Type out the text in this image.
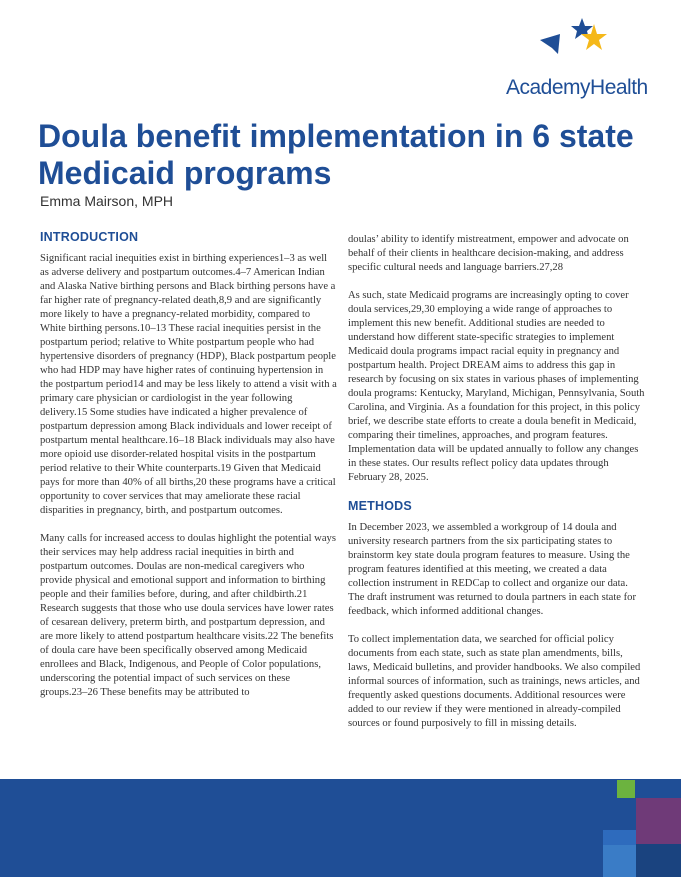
AcademyHealth
Doula benefit implementation in 6 state Medicaid programs
Emma Mairson, MPH
INTRODUCTION

Significant racial inequities exist in birthing experiences1–3 as well as adverse delivery and postpartum outcomes.4–7 American Indian and Alaska Native birthing persons and Black birthing persons have a far higher rate of pregnancy-related death,8,9 and are significantly more likely to have a pregnancy-related morbidity, compared to White birthing persons.10–13 These racial inequities persist in the postpartum period; relative to White postpartum people who had hypertensive disorders of pregnancy (HDP), Black postpartum people who had HDP may have higher rates of continuing hypertension in the postpartum period14 and may be less likely to attend a visit with a primary care physician or cardiologist in the year following delivery.15 Some studies have indicated a higher prevalence of postpartum depression among Black individuals and lower receipt of postpartum mental healthcare.16–18 Black individuals may also have more opioid use disorder-related hospital visits in the postpartum period relative to their White counterparts.19 Given that Medicaid pays for more than 40% of all births,20 these programs have a critical opportunity to cover services that may ameliorate these racial disparities in pregnancy, birth, and postpartum outcomes.

Many calls for increased access to doulas highlight the potential ways their services may help address racial inequities in birth and postpartum outcomes. Doulas are non-medical caregivers who provide physical and emotional support and information to birthing people and their families before, during, and after childbirth.21 Research suggests that those who use doula services have lower rates of cesarean delivery, preterm birth, and postpartum depression, and are more likely to attend postpartum healthcare visits.22 The benefits of doula care have been specifically observed among Medicaid enrollees and Black, Indigenous, and People of Color populations, underscoring the potential impact of such services on these groups.23–26 These benefits may be attributed to

doulas’ ability to identify mistreatment, empower and advocate on behalf of their clients in healthcare decision-making, and address specific cultural needs and language barriers.27,28

As such, state Medicaid programs are increasingly opting to cover doula services,29,30 employing a wide range of approaches to implement this new benefit. Additional studies are needed to understand how different state-specific strategies to implement Medicaid doula programs impact racial equity in pregnancy and postpartum health. Project DREAM aims to address this gap in research by focusing on six states in various phases of implementing doula programs: Kentucky, Maryland, Michigan, Pennsylvania, South Carolina, and Virginia. As a foundation for this project, in this policy brief, we describe state efforts to create a doula benefit in Medicaid, comparing their timelines, approaches, and program features. Implementation data will be updated annually to follow any changes in these states. Our results reflect policy data updates through February 28, 2025.

METHODS

In December 2023, we assembled a workgroup of 14 doula and university research partners from the six participating states to brainstorm key state doula program features to measure. Using the program features identified at this meeting, we created a data collection instrument in REDCap to collect and organize our data. The draft instrument was returned to doula partners in each state for feedback, which informed additional changes.

To collect implementation data, we searched for official policy documents from each state, such as state plan amendments, bills, laws, Medicaid bulletins, and provider handbooks. We also compiled informal sources of information, such as trainings, news articles, and frequently asked questions documents. Additional resources were added to our review if they were mentioned in already-compiled sources or found purposively to fill in missing details.
